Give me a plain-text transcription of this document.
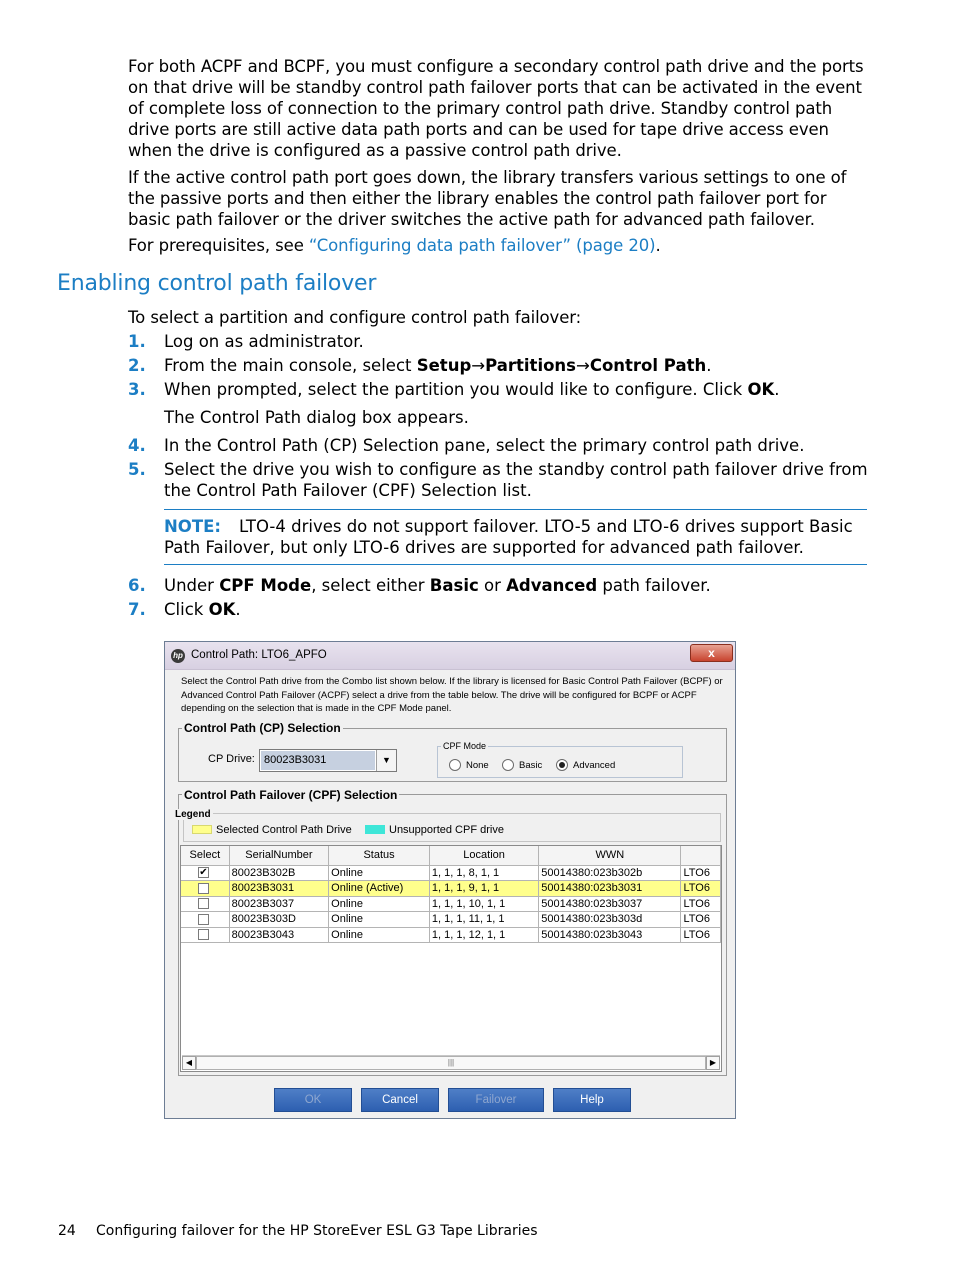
For both ACPF and BCPF, you must configure a secondary control path drive and the ports on that drive will be standby control path failover ports that can be activated in the event of complete loss of connection to the primary control path drive. Standby control path drive ports are still active data path ports and can be used for tape drive access even when the drive is configured as a passive control path drive.

If the active control path port goes down, the library transfers various settings to one of the passive ports and then either the library enables the control path failover port for basic path failover or the driver switches the active path for advanced path failover.

For prerequisites, see “Configuring data path failover” (page 20).

Enabling control path failover

To select a partition and configure control path failover:

1. Log on as administrator.
2. From the main console, select Setup→Partitions→Control Path.
3. When prompted, select the partition you would like to configure. Click OK.

The Control Path dialog box appears.

4. In the Control Path (CP) Selection pane, select the primary control path drive.
5. Select the drive you wish to configure as the standby control path failover drive from the Control Path Failover (CPF) Selection list.
NOTE: LTO-4 drives do not support failover. LTO-5 and LTO-6 drives support Basic Path Failover, but only LTO-6 drives are supported for advanced path failover.
6. Under CPF Mode, select either Basic or Advanced path failover.
7. Click OK.
hp Control Path: LTO6_APFO	x

Select the Control Path drive from the Combo list shown below. If the library is licensed for Basic Control Path Failover (BCPF) or Advanced Control Path Failover (ACPF) select a drive from the table below. The drive will be configured for BCPF or ACPF depending on the selection that is made in the CPF Mode panel.

Control Path (CP) Selection
CP Drive: 80023B3031	▼
CPF Mode
None	Basic	Advanced
Control Path Failover (CPF) Selection
Legend
Selected Control Path Drive	Unsupported CPF drive
Select	SerialNumber	Status	Location	WWN	
✔	80023B302B	Online	1, 1, 1, 8, 1, 1	50014380:023b302b	LTO6
	80023B3031	Online (Active)	1, 1, 1, 9, 1, 1	50014380:023b3031	LTO6
	80023B3037	Online	1, 1, 1, 10, 1, 1	50014380:023b3037	LTO6
	80023B303D	Online	1, 1, 1, 11, 1, 1	50014380:023b303d	LTO6
	80023B3043	Online	1, 1, 1, 12, 1, 1	50014380:023b3043	LTO6
◀	|||	▶
OK	Cancel	Failover	Help
24 Configuring failover for the HP StoreEver ESL G3 Tape Libraries
